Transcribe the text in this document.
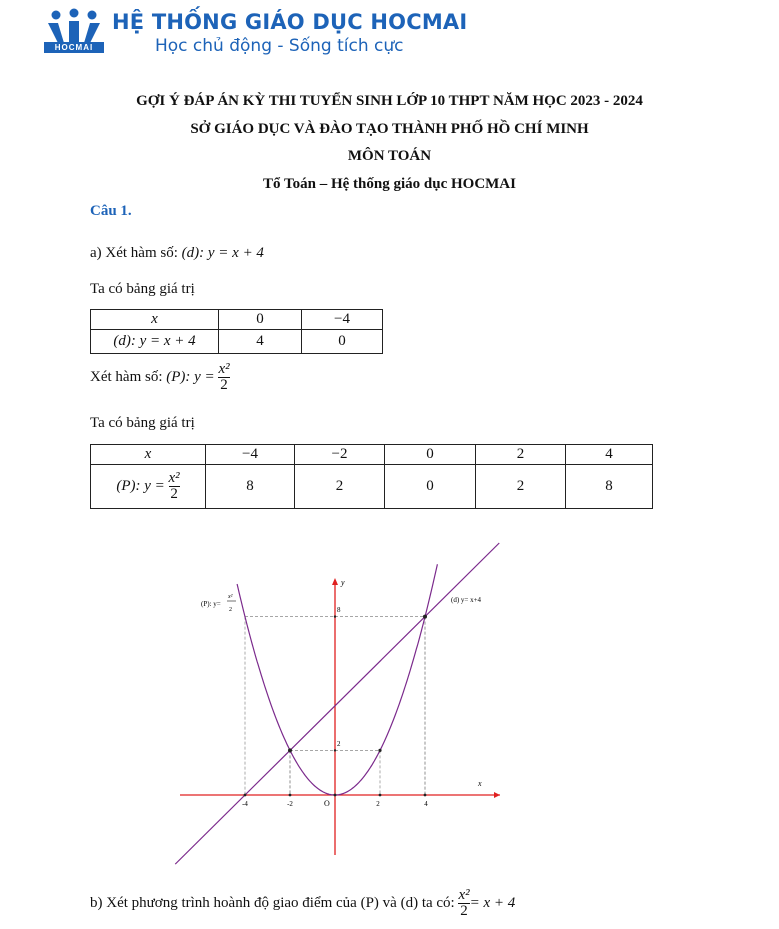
HOCMAI
HỆ THỐNG GIÁO DỤC HOCMAI
Học chủ động - Sống tích cực
GỢI Ý ĐÁP ÁN KỲ THI TUYỂN SINH LỚP 10 THPT NĂM HỌC 2023 - 2024
SỞ GIÁO DỤC VÀ ĐÀO TẠO THÀNH PHỐ HỒ CHÍ MINH
MÔN TOÁN
Tổ Toán – Hệ thống giáo dục HOCMAI
Câu 1.
a) Xét hàm số: (d): y = x + 4
Ta có bảng giá trị
x	0	−4
(d): y = x + 4	4	0
Xét hàm số: (P): $y = \frac{\text{x²}}{2}$
Ta có bảng giá trị
x	−4	−2	0	2	4
(P): $y = \frac{\text{x²}}{2}$	8	2	0	2	8
x
y
O
-4	-2	2	4
2
8
(d) y= x+4
(P): y=
x²
2
b) Xét phương trình hoành độ giao điểm của (P) và (d) ta có: $\frac{\text{x²}}{2} = x + 4$
